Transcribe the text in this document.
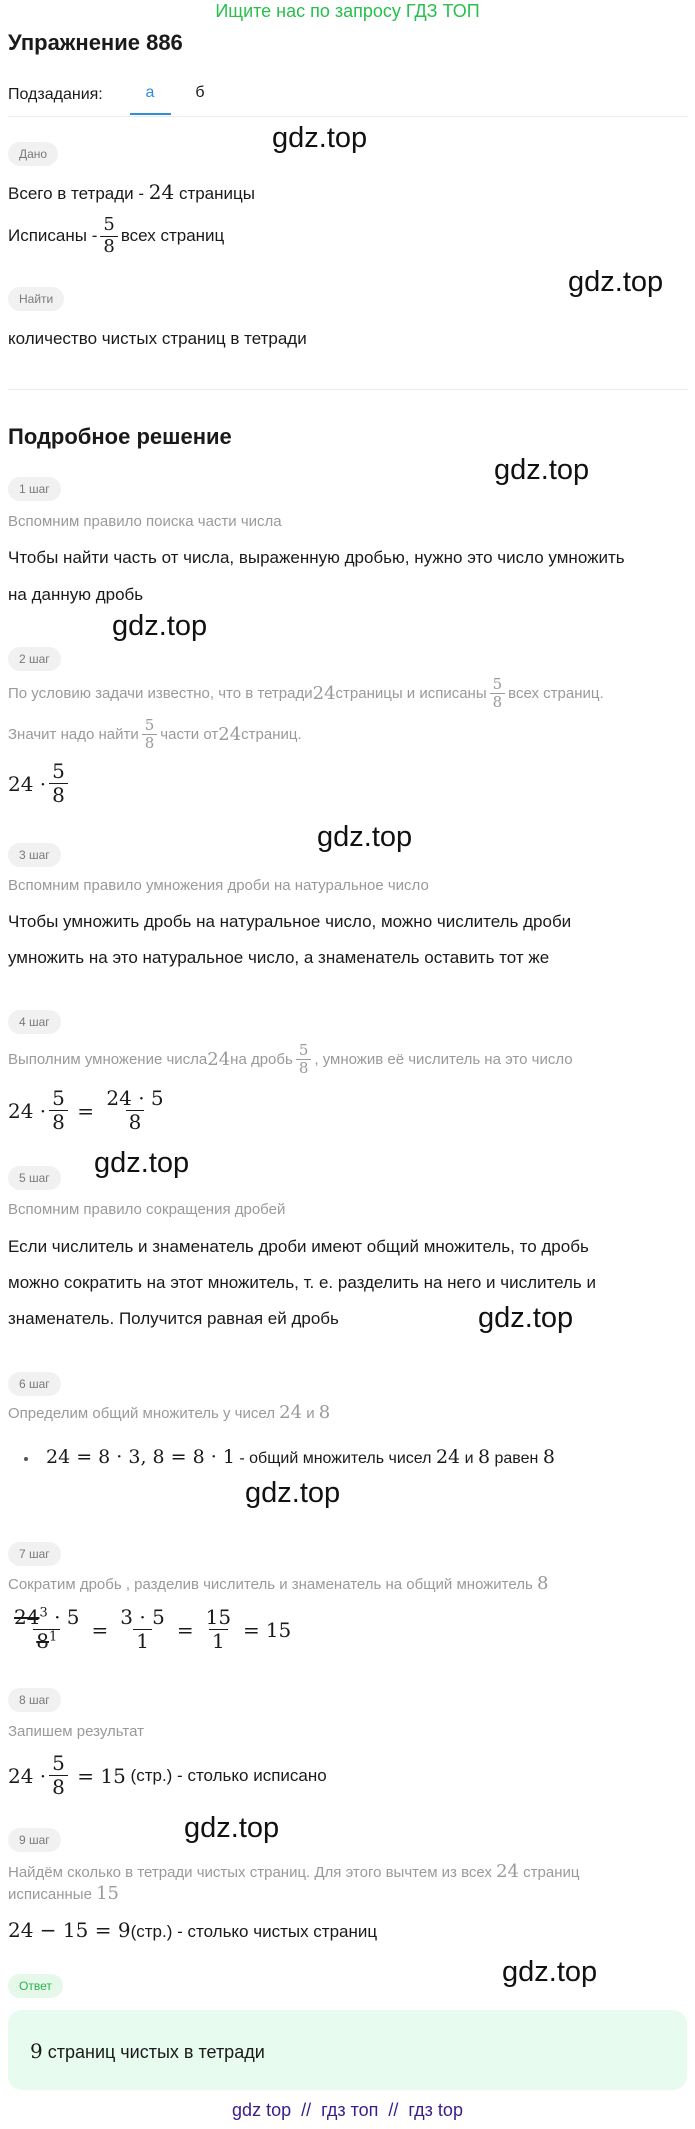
Ищите нас по запросу ГДЗ ТОП
Упражнение 886
Подзадания:	а	б
Дано
Всего в тетради - 24 страницы
Исписаны - $\frac{5}{8}$ всех страниц
Найти
количество чистых страниц в тетради
Подробное решение
1 шаг
Вспомним правило поиска части числа
Чтобы найти часть от числа, выраженную дробью, нужно это число умножить
на данную дробь
2 шаг
По условию задачи известно, что в тетради 24 страницы и исписаны $\frac{5}{8}$ всех страниц.
Значит надо найти $\frac{5}{8}$ части от 24 страниц.
$24 \cdot \frac{5}{8}$
3 шаг
Вспомним правило умножения дроби на натуральное число
Чтобы умножить дробь на натуральное число, можно числитель дроби
умножить на это натуральное число, а знаменатель оставить тот же
4 шаг
Выполним умножение числа 24 на дробь $\frac{5}{8}$ , умножив её числитель на это число
$24 \cdot \frac{5}{8} = \frac{24 \cdot 5}{8}$
5 шаг
Вспомним правило сокращения дробей
Если числитель и знаменатель дроби имеют общий множитель, то дробь
можно сократить на этот множитель, т. е. разделить на него и числитель и
знаменатель. Получится равная ей дробь
6 шаг
Определим общий множитель у чисел 24 и 8
24 = 8 · 3, 8 = 8 · 1 - общий множитель чисел 24 и 8 равен 8
7 шаг
Сократим дробь , разделив числитель и знаменатель на общий множитель 8
$\frac{24^3 \cdot 5}{8^1} = \frac{3 \cdot 5}{1} = \frac{15}{1} = 15$
8 шаг
Запишем результат
$24 \cdot \frac{5}{8} = 15$ (стр.) - столько исписано
9 шаг
Найдём сколько в тетради чистых страниц. Для этого вычтем из всех 24 страниц
исписанные 15
24 − 15 = 9(стр.) - столько чистых страниц
Ответ
9 страниц чистых в тетради
gdz.top
gdz.top
gdz.top
gdz.top
gdz.top
gdz.top
gdz.top
gdz.top
gdz.top
gdz.top
gdz top  //  гдз топ  //  гдз top
